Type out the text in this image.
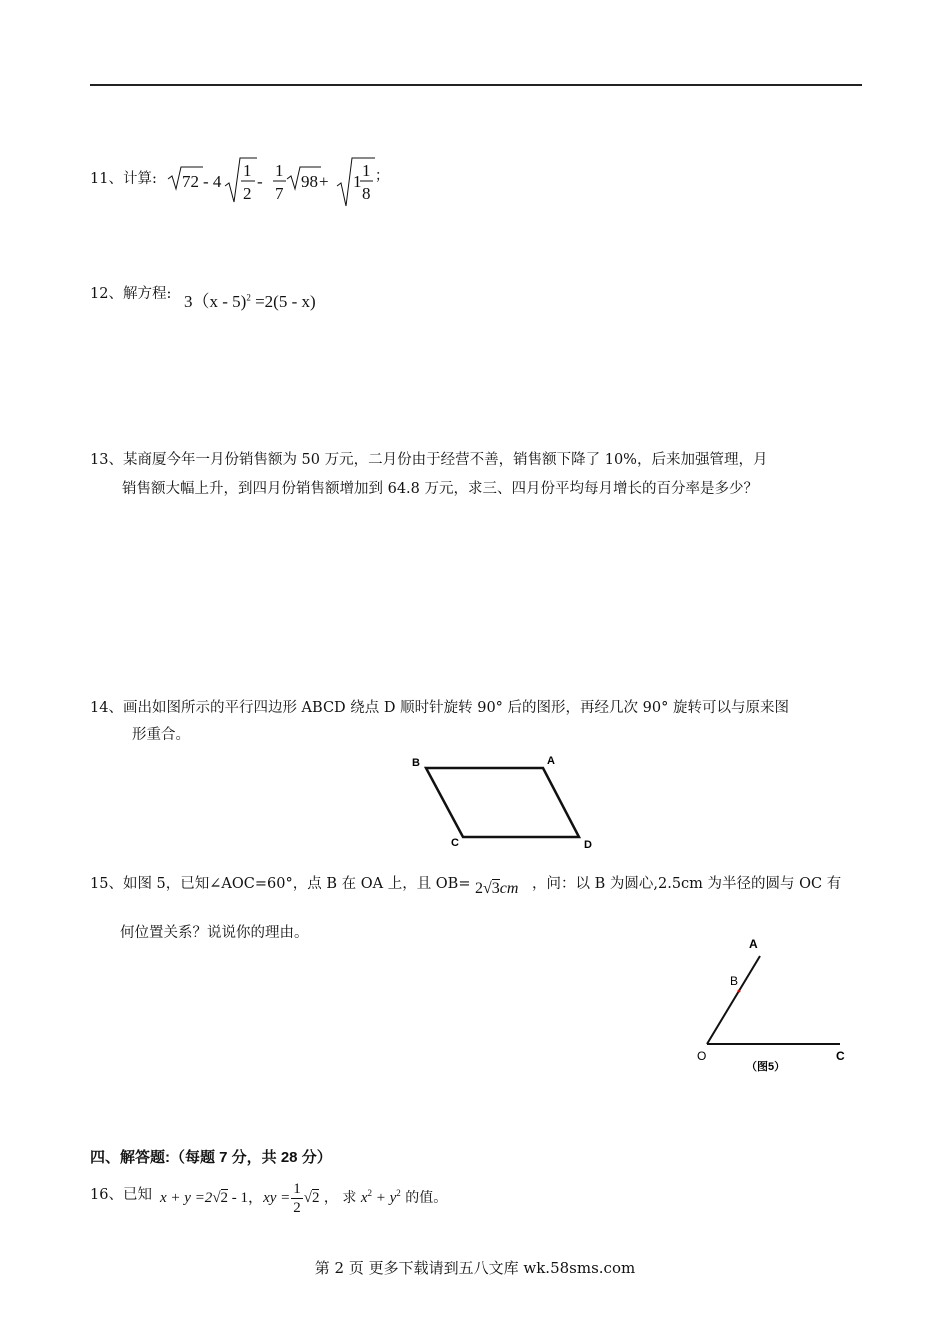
11、计算: 72 - 4
1
2
-
1
7
98 + 1
1
8
；
12、解方程: 3（x - 5)$^2$ =2(5 - x)
13、某商厦今年一月份销售额为 50 万元，二月份由于经营不善，销售额下降了 10%，后来加强管理，月
销售额大幅上升，到四月份销售额增加到 64.8 万元，求三、四月份平均每月增长的百分率是多少？
14、画出如图所示的平行四边形 ABCD 绕点 D 顺时针旋转 90° 后的图形，再经几次 90° 旋转可以与原来图
形重合。
B	A
C	D
15、如图 5，已知∠AOC=60°，点 B 在 OA 上，且 OB= 2√3cm ，问：以 B 为圆心,2.5cm 为半径的圆与 OC 有
何位置关系？说说你的理由。
A
B
O	C
（图5）
四、解答题:（每题 7 分，共 28 分）
16、已知 x + y =2√2 - 1，xy = $\frac{1}{2} √2$ ， 求 $x^2 + y^2$ 的值。
第 2 页 更多下载请到五八文库 wk.58sms.com
